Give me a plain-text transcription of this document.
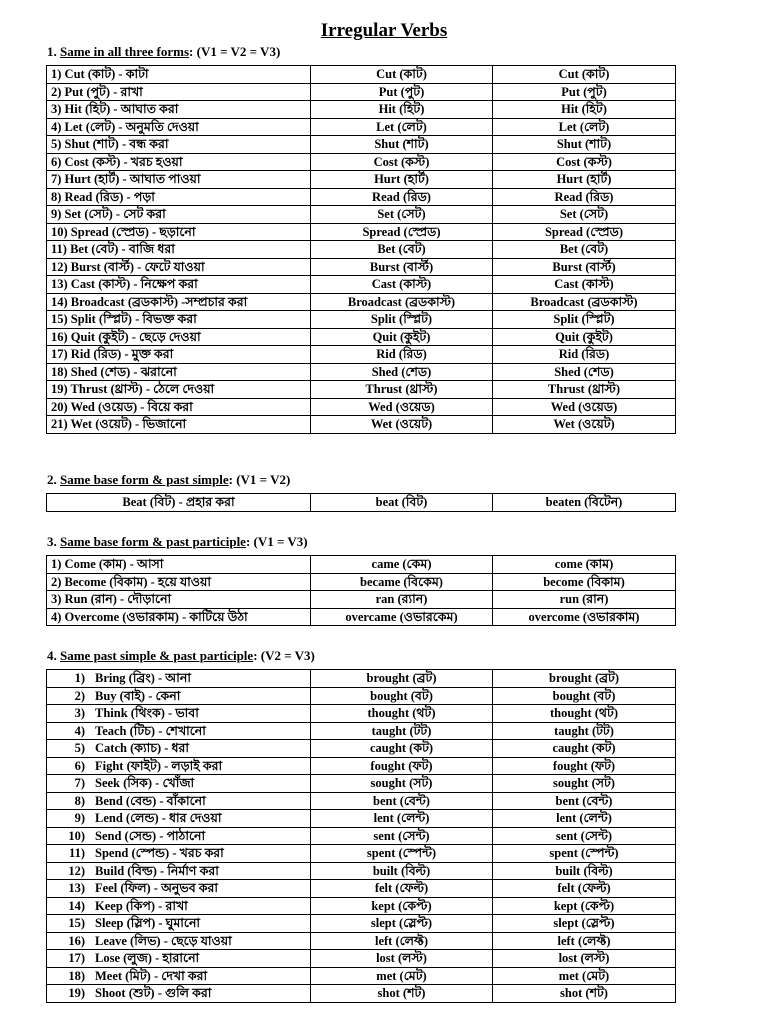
Irregular Verbs
1. Same in all three forms: (V1 = V2 = V3)
1) Cut (কাট) - কাটা	Cut (কাট)	Cut (কাট)
2) Put (পুট) - রাখা	Put (পুট)	Put (পুট)
3) Hit (হিট) - আঘাত করা	Hit (হিট)	Hit (হিট)
4) Let (লেট) - অনুমতি দেওয়া	Let (লেট)	Let (লেট)
5) Shut (শাট) - বন্ধ করা	Shut (শাট)	Shut (শাট)
6) Cost (কস্ট) - খরচ হওয়া	Cost (কস্ট)	Cost (কস্ট)
7) Hurt (হার্ট) - আঘাত পাওয়া	Hurt (হার্ট)	Hurt (হার্ট)
8) Read (রিড) - পড়া	Read (রিড)	Read (রিড)
9) Set (সেট) - সেট করা	Set (সেট)	Set (সেট)
10) Spread (স্প্রেড) - ছড়ানো	Spread (স্প্রেড)	Spread (স্প্রেড)
11) Bet (বেট) - বাজি ধরা	Bet (বেট)	Bet (বেট)
12) Burst (বার্স্ট) - ফেটে যাওয়া	Burst (বার্স্ট)	Burst (বার্স্ট)
13) Cast (কাস্ট) - নিক্ষেপ করা	Cast (কাস্ট)	Cast (কাস্ট)
14) Broadcast (ব্রডকাস্ট) -সম্প্রচার করা	Broadcast (ব্রডকাস্ট)	Broadcast (ব্রডকাস্ট)
15) Split (স্প্লিট) - বিভক্ত করা	Split (স্প্লিট)	Split (স্প্লিট)
16) Quit (কুইট) - ছেড়ে দেওয়া	Quit (কুইট)	Quit (কুইট)
17) Rid (রিড) - মুক্ত করা	Rid (রিড)	Rid (রিড)
18) Shed (শেড) - ঝরানো	Shed (শেড)	Shed (শেড)
19) Thrust (থ্রাস্ট) - ঠেলে দেওয়া	Thrust (থ্রাস্ট)	Thrust (থ্রাস্ট)
20) Wed (ওয়েড) - বিয়ে করা	Wed (ওয়েড)	Wed (ওয়েড)
21) Wet (ওয়েট) - ভিজানো	Wet (ওয়েট)	Wet (ওয়েট)
2. Same base form & past simple: (V1 = V2)
Beat (বিট) - প্রহার করা	beat (বিট)	beaten (বিটেন)
3. Same base form & past participle: (V1 = V3)
1) Come (কাম) - আসা	came (কেম)	come (কাম)
2) Become (বিকাম) - হয়ে যাওয়া	became (বিকেম)	become (বিকাম)
3) Run (রান) - দৌড়ানো	ran (র‍্যান)	run (রান)
4) Overcome (ওভারকাম) - কাটিয়ে উঠা	overcame (ওভারকেম)	overcome (ওভারকাম)
4. Same past simple & past participle: (V2 = V3)
1) Bring (ব্রিং) - আনা	brought (ব্রট)	brought (ব্রট)
2) Buy (বাই) - কেনা	bought (বট)	bought (বট)
3) Think (থিংক) - ভাবা	thought (থট)	thought (থট)
4) Teach (টিচ) - শেখানো	taught (টট)	taught (টট)
5) Catch (ক্যাচ) - ধরা	caught (কট)	caught (কট)
6) Fight (ফাইট) - লড়াই করা	fought (ফট)	fought (ফট)
7) Seek (সিক) - খোঁজা	sought (সট)	sought (সট)
8) Bend (বেন্ড) - বাঁকানো	bent (বেন্ট)	bent (বেন্ট)
9) Lend (লেন্ড) - ধার দেওয়া	lent (লেন্ট)	lent (লেন্ট)
10) Send (সেন্ড) - পাঠানো	sent (সেন্ট)	sent (সেন্ট)
11) Spend (স্পেন্ড) - খরচ করা	spent (স্পেন্ট)	spent (স্পেন্ট)
12) Build (বিল্ড) - নির্মাণ করা	built (বিল্ট)	built (বিল্ট)
13) Feel (ফিল) - অনুভব করা	felt (ফেল্ট)	felt (ফেল্ট)
14) Keep (কিপ) - রাখা	kept (কেপ্ট)	kept (কেপ্ট)
15) Sleep (স্লিপ) - ঘুমানো	slept (স্লেপ্ট)	slept (স্লেপ্ট)
16) Leave (লিভ) - ছেড়ে যাওয়া	left (লেফ্ট)	left (লেফ্ট)
17) Lose (লুজ) - হারানো	lost (লস্ট)	lost (লস্ট)
18) Meet (মিট) - দেখা করা	met (মেট)	met (মেট)
19) Shoot (শুট) - গুলি করা	shot (শট)	shot (শট)
